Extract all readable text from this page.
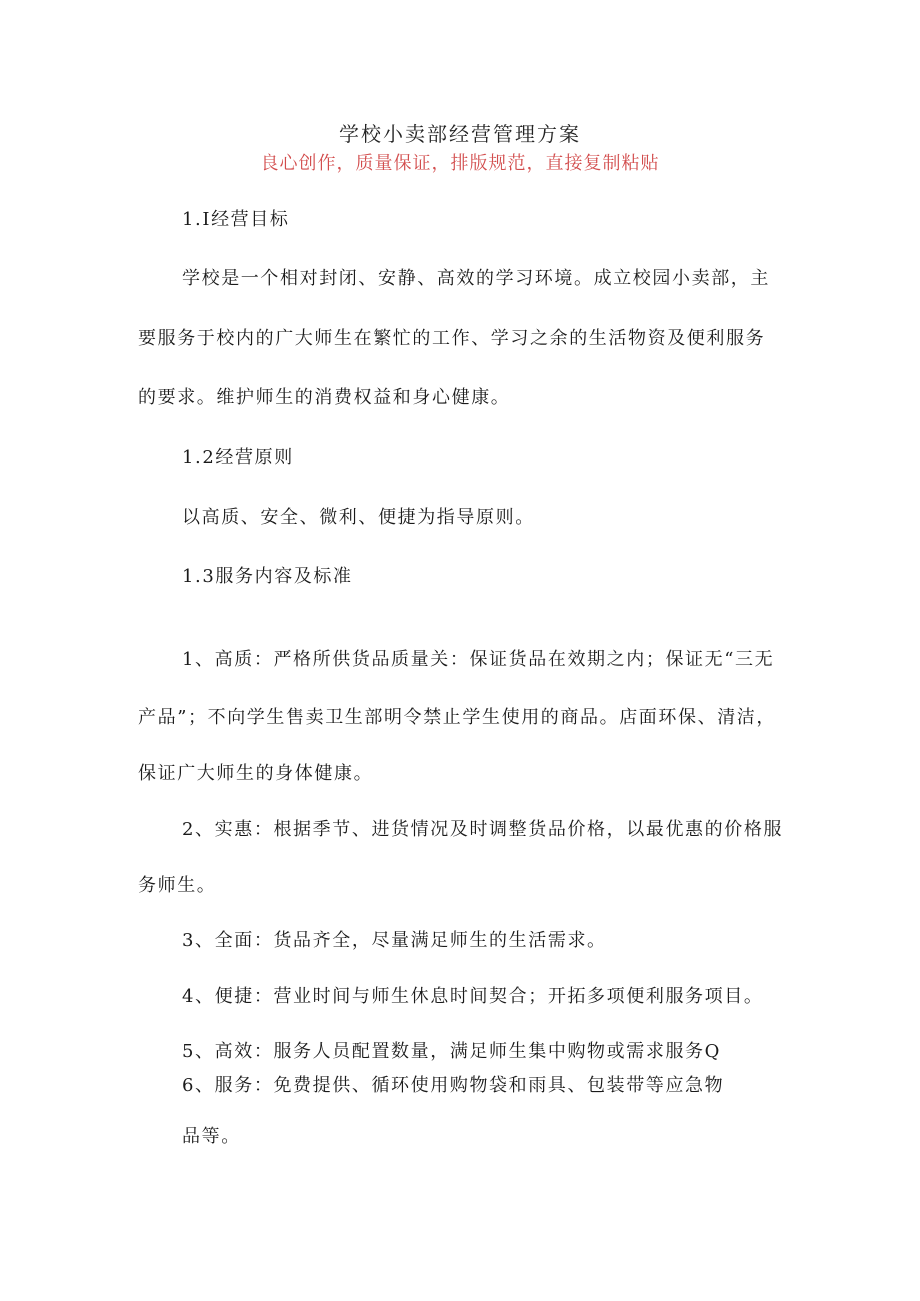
学校小卖部经营管理方案

良心创作，质量保证，排版规范，直接复制粘贴

1.I经营目标

学校是一个相对封闭、安静、高效的学习环境。成立校园小卖部，主

要服务于校内的广大师生在繁忙的工作、学习之余的生活物资及便利服务

的要求。维护师生的消费权益和身心健康。

1.2经营原则

以高质、安全、微利、便捷为指导原则。

1.3服务内容及标准

1、高质：严格所供货品质量关：保证货品在效期之内；保证无“三无

产品”；不向学生售卖卫生部明令禁止学生使用的商品。店面环保、清洁，

保证广大师生的身体健康。

2、实惠：根据季节、进货情况及时调整货品价格，以最优惠的价格服

务师生。

3、全面：货品齐全，尽量满足师生的生活需求。

4、便捷：营业时间与师生休息时间契合；开拓多项便利服务项目。

5、高效：服务人员配置数量，满足师生集中购物或需求服务Q

6、服务：免费提供、循环使用购物袋和雨具、包装带等应急物

品等。
